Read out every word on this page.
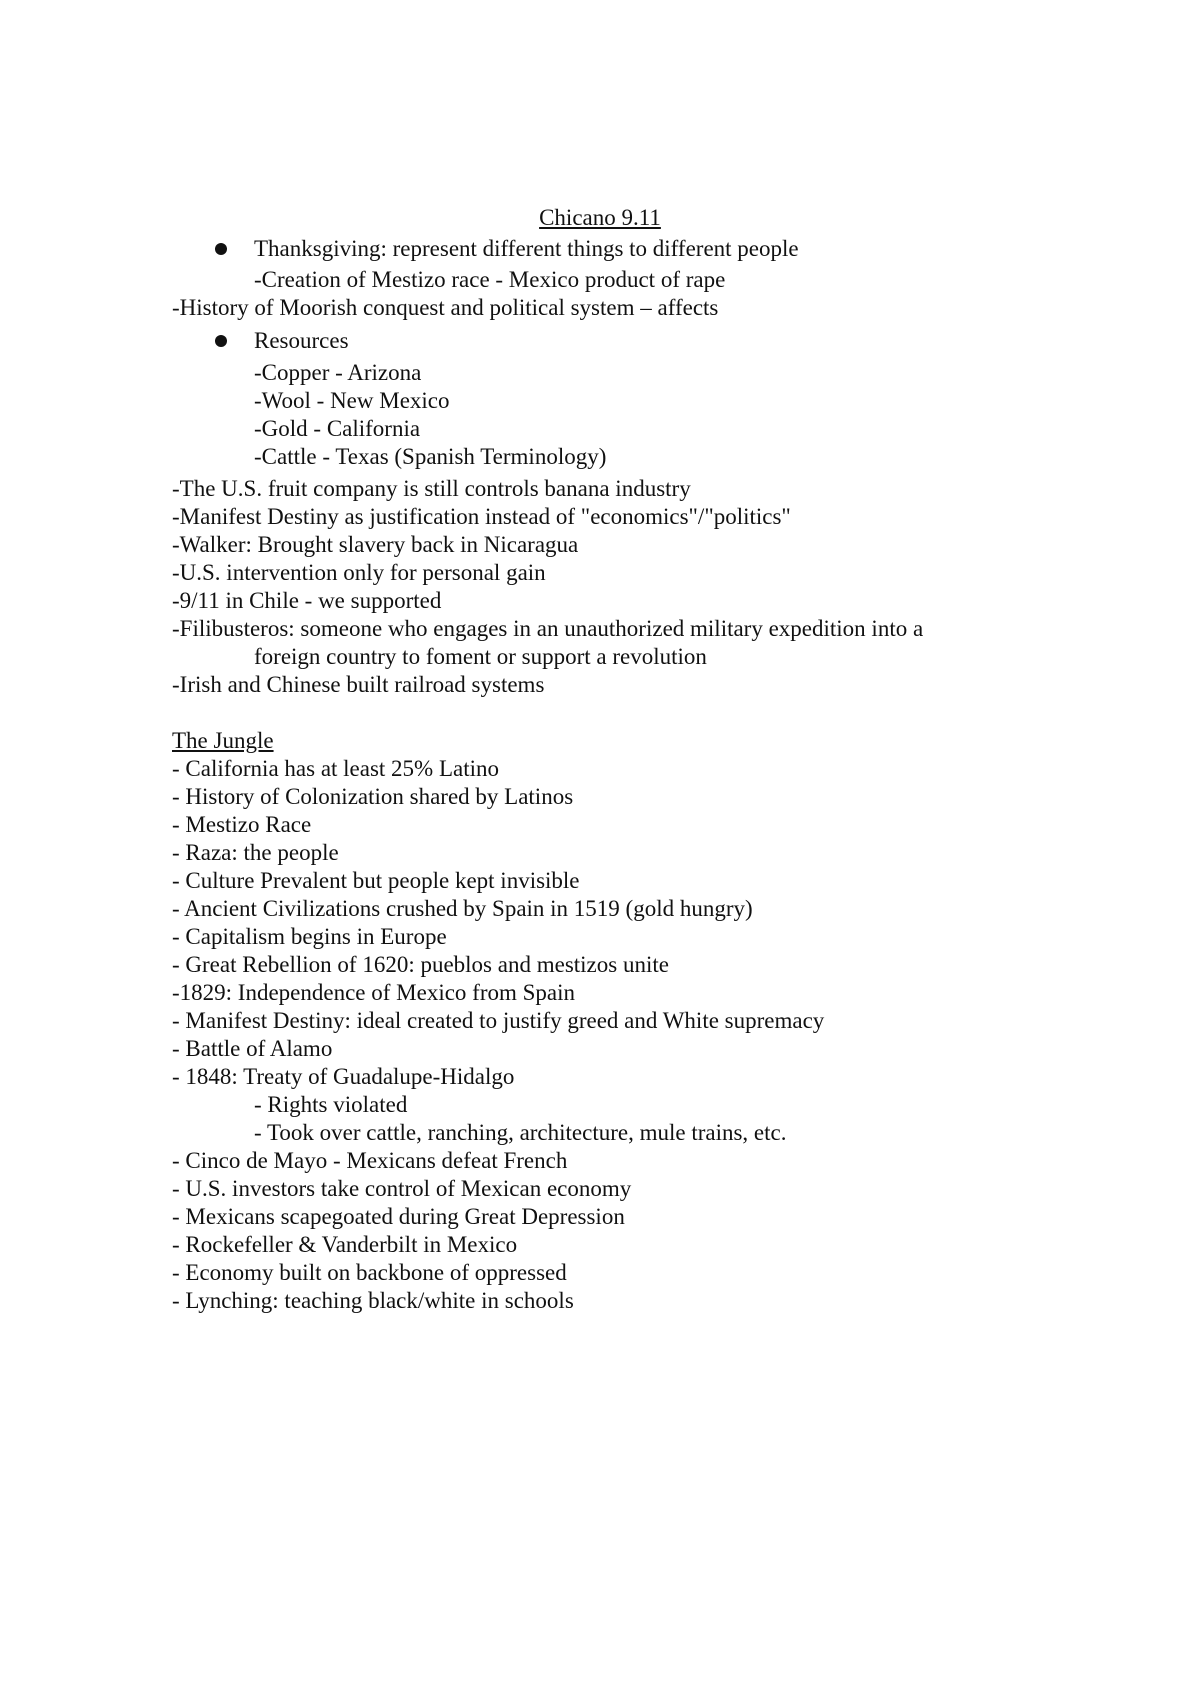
Chicano 9.11
Thanksgiving: represent different things to different people
-Creation of Mestizo race - Mexico product of rape
-History of Moorish conquest and political system – affects
Resources
-Copper - Arizona
-Wool - New Mexico
-Gold - California
-Cattle - Texas (Spanish Terminology)
-The U.S. fruit company is still controls banana industry
-Manifest Destiny as justification instead of "economics"/"politics"
-Walker: Brought slavery back in Nicaragua
-U.S. intervention only for personal gain
-9/11 in Chile - we supported
-Filibusteros: someone who engages in an unauthorized military expedition into a
foreign country to foment or support a revolution
-Irish and Chinese built railroad systems
The Jungle
- California has at least 25% Latino
- History of Colonization shared by Latinos
- Mestizo Race
- Raza: the people
- Culture Prevalent but people kept invisible
- Ancient Civilizations crushed by Spain in 1519 (gold hungry)
- Capitalism begins in Europe
- Great Rebellion of 1620: pueblos and mestizos unite
-1829: Independence of Mexico from Spain
- Manifest Destiny: ideal created to justify greed and White supremacy
- Battle of Alamo
- 1848: Treaty of Guadalupe-Hidalgo
- Rights violated
- Took over cattle, ranching, architecture, mule trains, etc.
- Cinco de Mayo - Mexicans defeat French
- U.S. investors take control of Mexican economy
- Mexicans scapegoated during Great Depression
- Rockefeller & Vanderbilt in Mexico
- Economy built on backbone of oppressed
- Lynching: teaching black/white in schools
